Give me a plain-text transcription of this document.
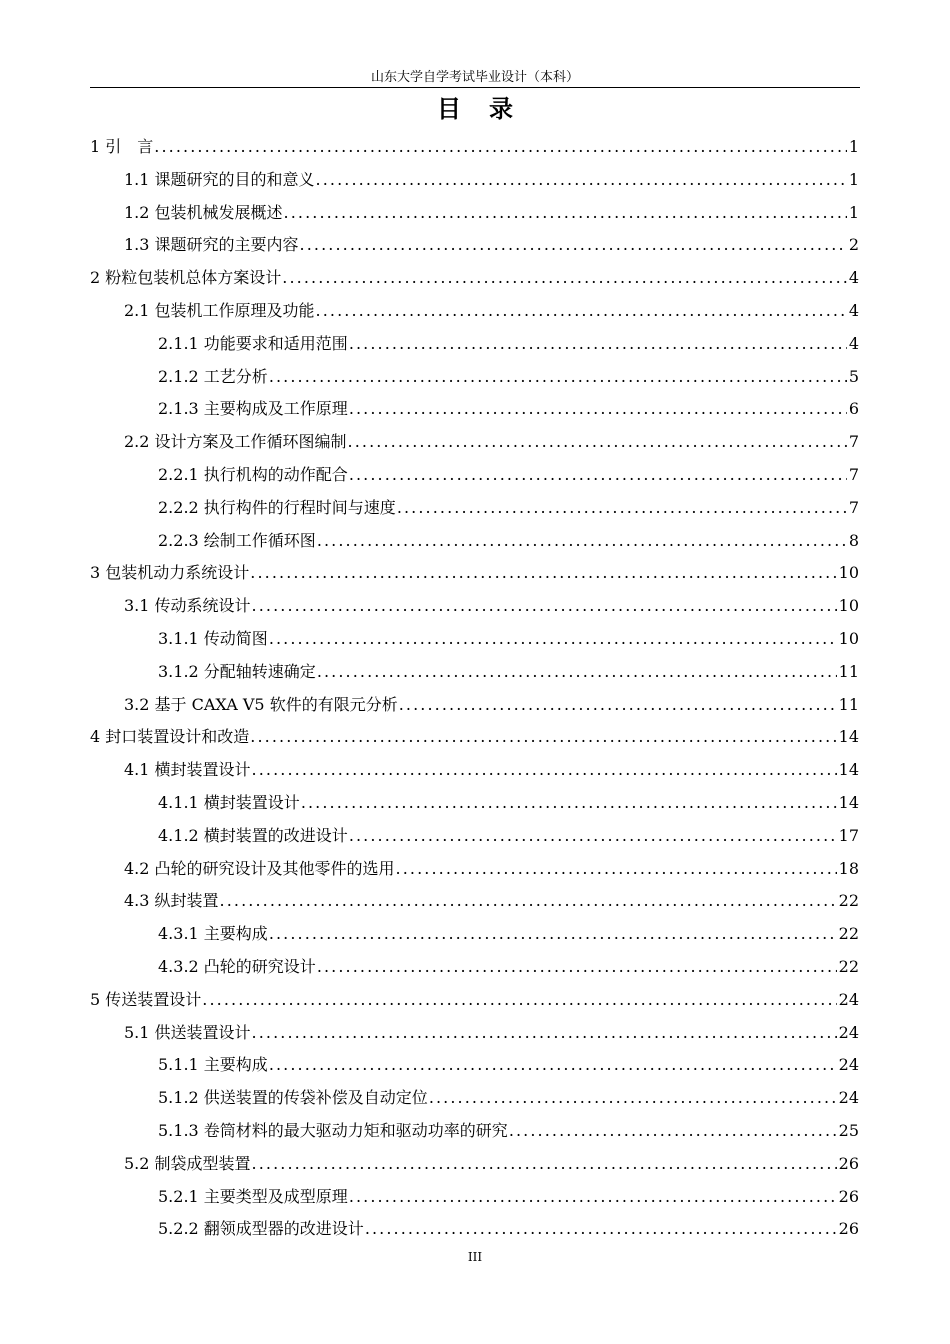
山东大学自学考试毕业设计（本科）
目录
1 引　言 .....	1
1.1 课题研究的目的和意义 .....	1
1.2 包装机械发展概述 .....	1
1.3 课题研究的主要内容 .....	2
2 粉粒包装机总体方案设计 .....	4
2.1 包装机工作原理及功能 .....	4
2.1.1 功能要求和适用范围 .....	4
2.1.2 工艺分析 .....	5
2.1.3 主要构成及工作原理 .....	6
2.2 设计方案及工作循环图编制 .....	7
2.2.1 执行机构的动作配合 .....	7
2.2.2 执行构件的行程时间与速度 .....	7
2.2.3 绘制工作循环图 .....	8
3 包装机动力系统设计 .....	10
3.1 传动系统设计 .....	10
3.1.1 传动简图 .....	10
3.1.2 分配轴转速确定 .....	11
3.2 基于 CAXA V5 软件的有限元分析 .....	11
4 封口装置设计和改造 .....	14
4.1 横封装置设计 .....	14
4.1.1 横封装置设计 .....	14
4.1.2 横封装置的改进设计 .....	17
4.2 凸轮的研究设计及其他零件的选用 .....	18
4.3 纵封装置 .....	22
4.3.1 主要构成 .....	22
4.3.2 凸轮的研究设计 .....	22
5 传送装置设计 .....	24
5.1 供送装置设计 .....	24
5.1.1 主要构成 .....	24
5.1.2 供送装置的传袋补偿及自动定位 .....	24
5.1.3 卷筒材料的最大驱动力矩和驱动功率的研究 .....	25
5.2 制袋成型装置 .....	26
5.2.1 主要类型及成型原理 .....	26
5.2.2 翻领成型器的改进设计 .....	26
III
